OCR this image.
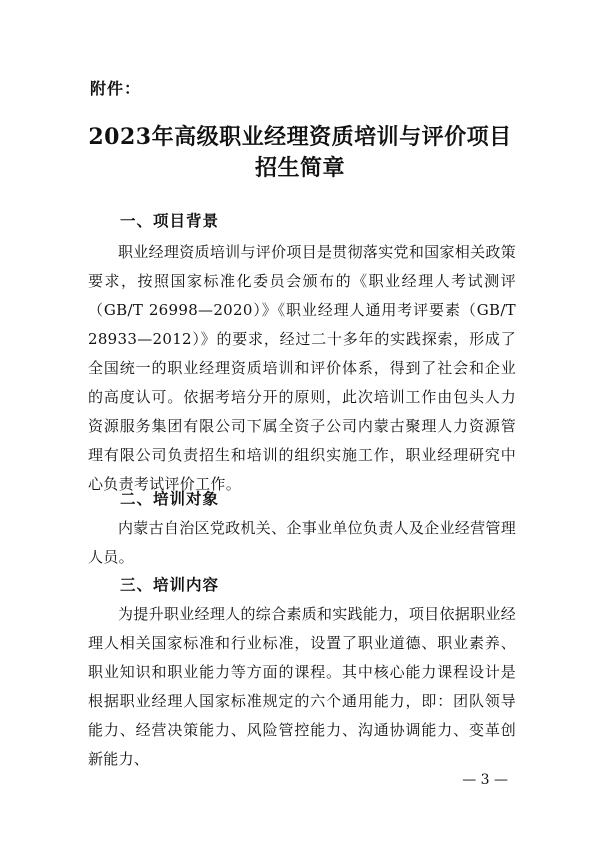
附件：
2023年高级职业经理资质培训与评价项目
招生简章
一、项目背景

职业经理资质培训与评价项目是贯彻落实党和国家相关政策要求，按照国家标准化委员会颁布的《职业经理人考试测评（GB/T 26998—2020）》《职业经理人通用考评要素（GB/T 28933—2012）》的要求，经过二十多年的实践探索，形成了全国统一的职业经理资质培训和评价体系，得到了社会和企业的高度认可。依据考培分开的原则，此次培训工作由包头人力资源服务集团有限公司下属全资子公司内蒙古聚理人力资源管理有限公司负责招生和培训的组织实施工作，职业经理研究中心负责考试评价工作。

二、培训对象

内蒙古自治区党政机关、企事业单位负责人及企业经营管理人员。

三、培训内容

为提升职业经理人的综合素质和实践能力，项目依据职业经理人相关国家标准和行业标准，设置了职业道德、职业素养、职业知识和职业能力等方面的课程。其中核心能力课程设计是根据职业经理人国家标准规定的六个通用能力，即：团队领导能力、经营决策能力、风险管控能力、沟通协调能力、变革创新能力、

— 3 —
